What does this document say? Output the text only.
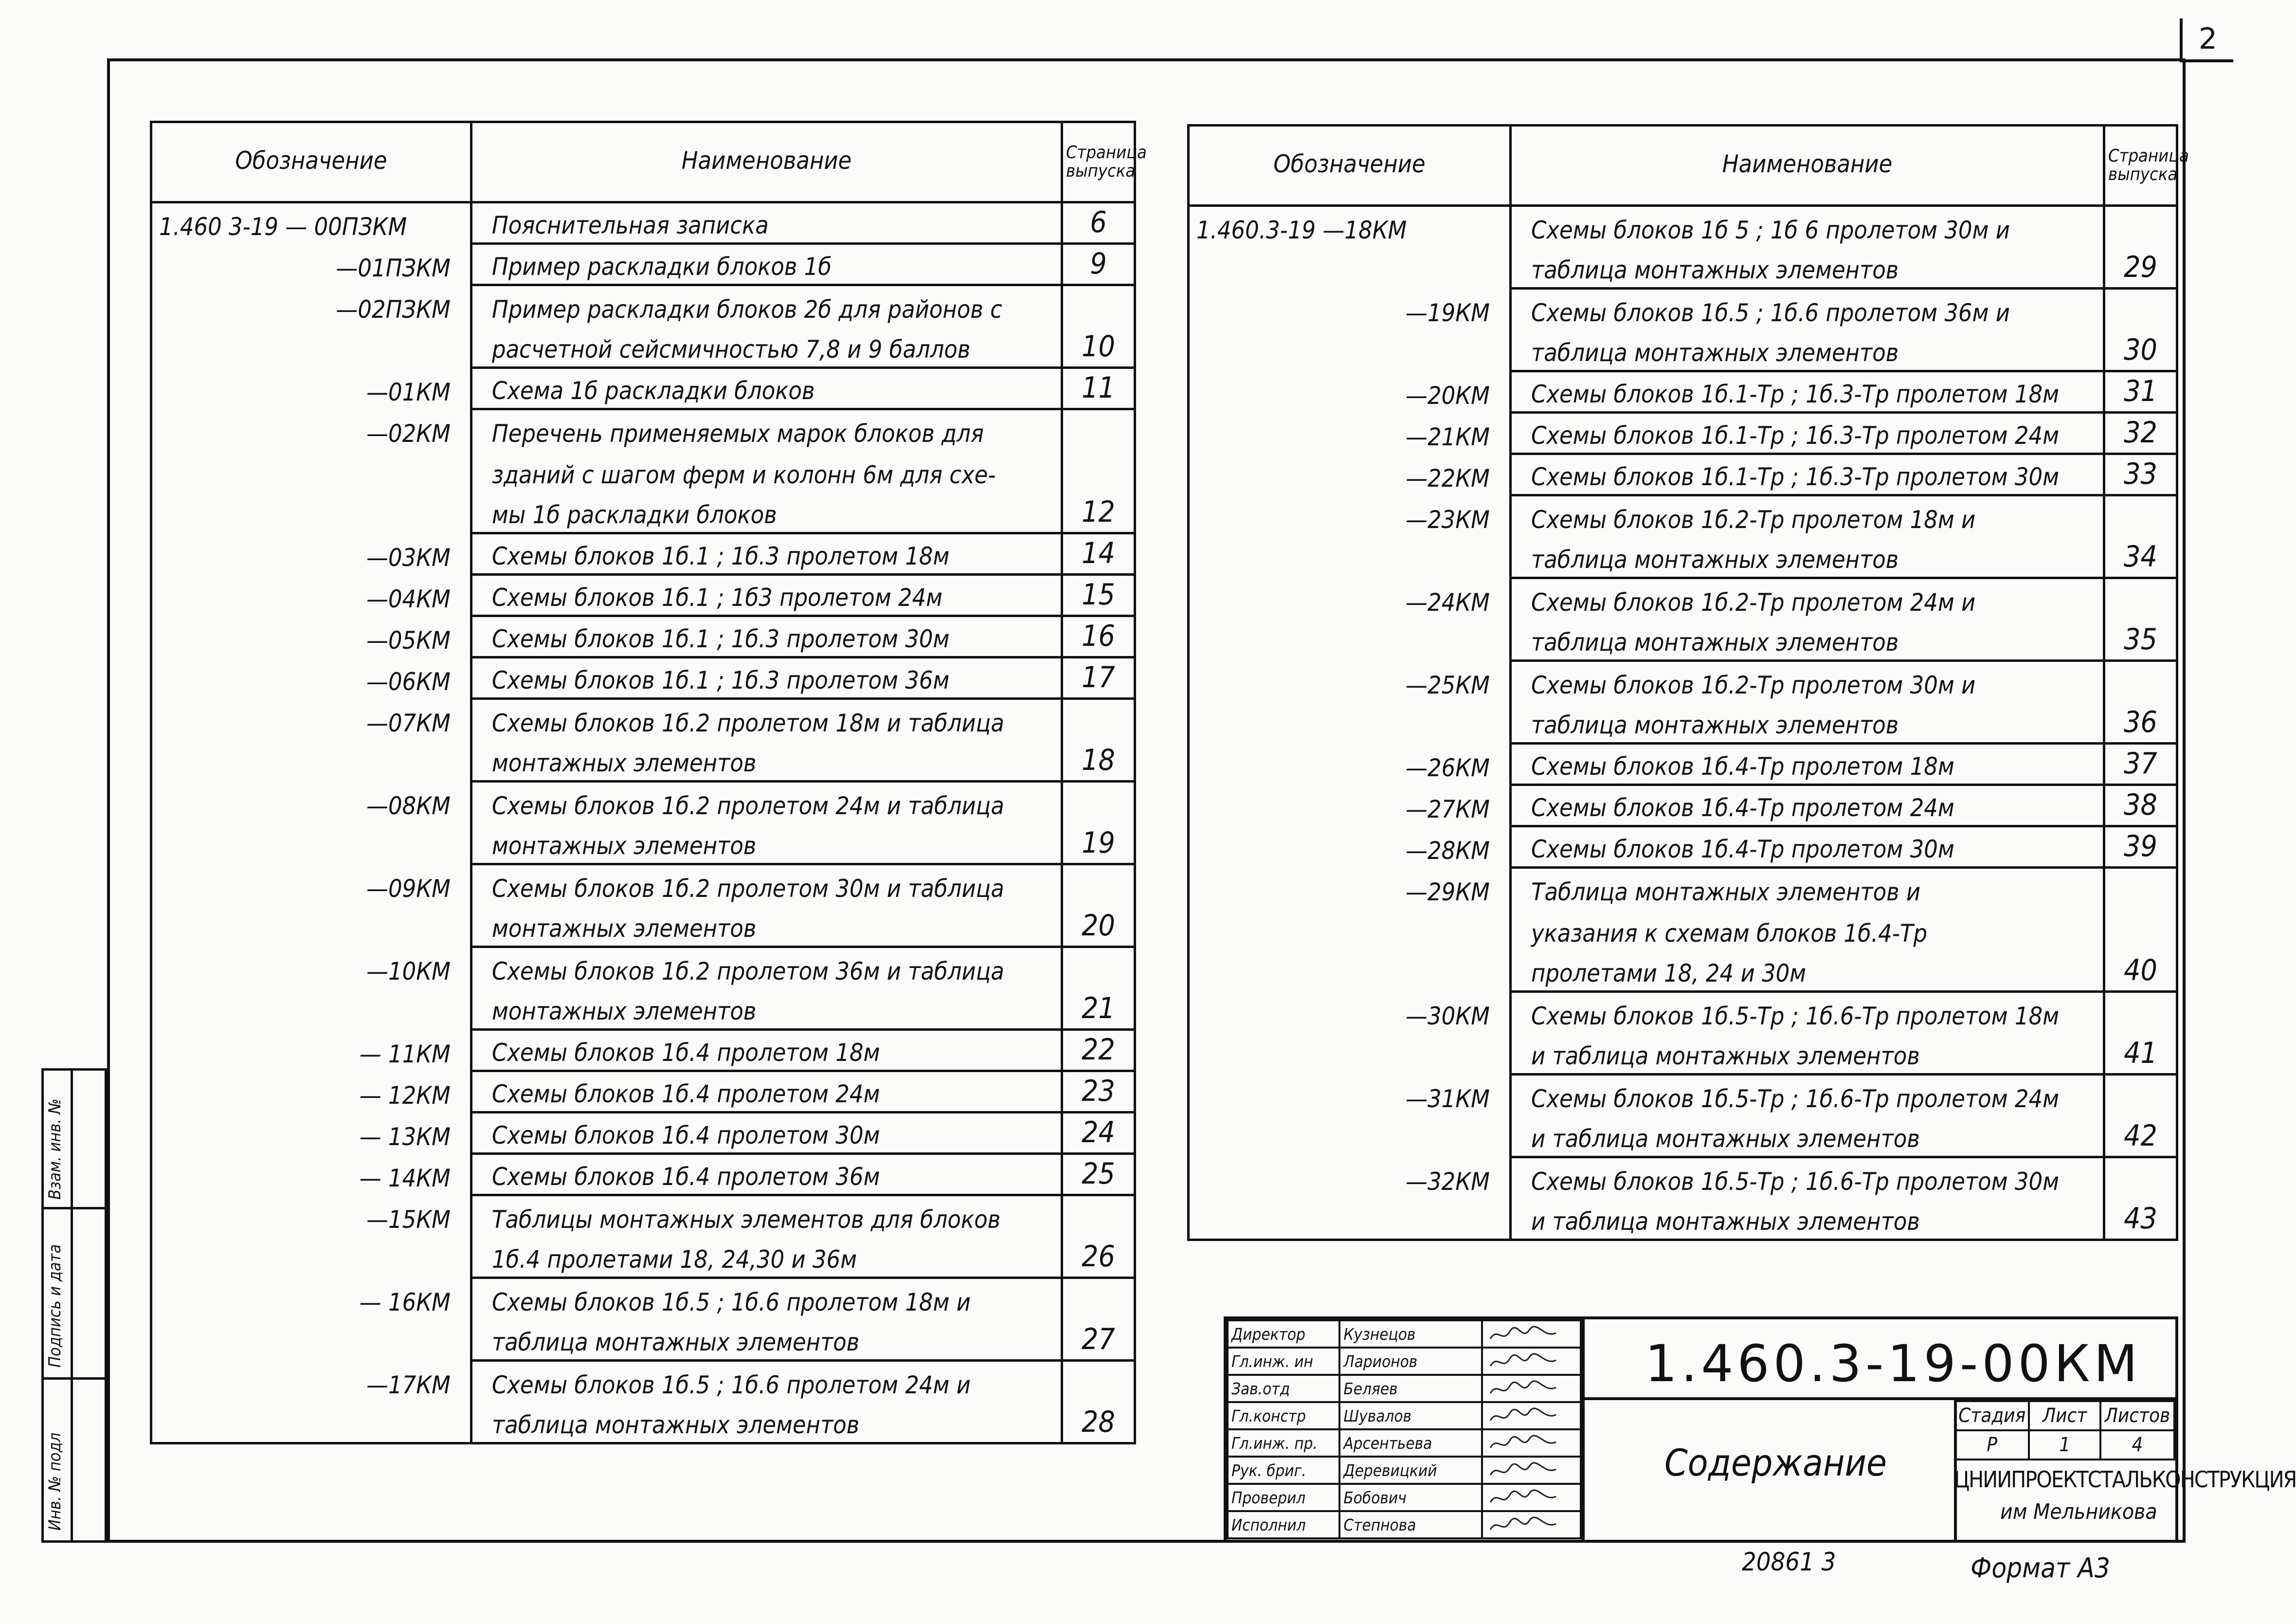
2
Обозначение	Наименование	Страница
выпуска
1.460 3-19 — 00ПЗКМ	Пояснительная записка	6
—01ПЗКМ	Пример раскладки блоков 1б	9
—02ПЗКМ	Пример раскладки блоков 2б для районов с	
	расчетной сейсмичностью 7,8 и 9 баллов	10
—01КМ	Схема 1б раскладки блоков	11
—02КМ	Перечень применяемых марок блоков для	
	зданий с шагом ферм и колонн 6м для схе-	
	мы 1б раскладки блоков	12
—03КМ	Схемы блоков 1б.1 ; 1б.3 пролетом 18м	14
—04КМ	Схемы блоков 1б.1 ; 1б3 пролетом 24м	15
—05КМ	Схемы блоков 1б.1 ; 1б.3 пролетом 30м	16
—06КМ	Схемы блоков 1б.1 ; 1б.3 пролетом 36м	17
—07КМ	Схемы блоков 1б.2 пролетом 18м и таблица	
	монтажных элементов	18
—08КМ	Схемы блоков 1б.2 пролетом 24м и таблица	
	монтажных элементов	19
—09КМ	Схемы блоков 1б.2 пролетом 30м и таблица	
	монтажных элементов	20
—10КМ	Схемы блоков 1б.2 пролетом 36м и таблица	
	монтажных элементов	21
— 11КМ	Схемы блоков 1б.4 пролетом 18м	22
— 12КМ	Схемы блоков 1б.4 пролетом 24м	23
— 13КМ	Схемы блоков 1б.4 пролетом 30м	24
— 14КМ	Схемы блоков 1б.4 пролетом 36м	25
—15КМ	Таблицы монтажных элементов для блоков	
	1б.4 пролетами 18, 24,30 и 36м	26
— 16КМ	Схемы блоков 1б.5 ; 1б.6 пролетом 18м и	
	таблица монтажных элементов	27
—17КМ	Схемы блоков 1б.5 ; 1б.6 пролетом 24м и	
	таблица монтажных элементов	28
Обозначение	Наименование	Страница
выпуска
1.460.3-19 —18КМ	Схемы блоков 1б 5 ; 1б 6 пролетом 30м и	
	таблица монтажных элементов	29
—19КМ	Схемы блоков 1б.5 ; 1б.6 пролетом 36м и	
	таблица монтажных элементов	30
—20КМ	Схемы блоков 1б.1-Тр ; 1б.3-Тр пролетом 18м	31
—21КМ	Схемы блоков 1б.1-Тр ; 1б.3-Тр пролетом 24м	32
—22КМ	Схемы блоков 1б.1-Тр ; 1б.3-Тр пролетом 30м	33
—23КМ	Схемы блоков 1б.2-Тр пролетом 18м и	
	таблица монтажных элементов	34
—24КМ	Схемы блоков 1б.2-Тр пролетом 24м и	
	таблица монтажных элементов	35
—25КМ	Схемы блоков 1б.2-Тр пролетом 30м и	
	таблица монтажных элементов	36
—26КМ	Схемы блоков 1б.4-Тр пролетом 18м	37
—27КМ	Схемы блоков 1б.4-Тр пролетом 24м	38
—28КМ	Схемы блоков 1б.4-Тр пролетом 30м	39
—29КМ	Таблица монтажных элементов и	
	указания к схемам блоков 1б.4-Тр	
	пролетами 18, 24 и 30м	40
—30КМ	Схемы блоков 1б.5-Тр ; 1б.6-Тр пролетом 18м	
	и таблица монтажных элементов	41
—31КМ	Схемы блоков 1б.5-Тр ; 1б.6-Тр пролетом 24м	
	и таблица монтажных элементов	42
—32КМ	Схемы блоков 1б.5-Тр ; 1б.6-Тр пролетом 30м	
	и таблица монтажных элементов	43
Взам. инв. №
Подпись и дата
Инв. № подл
Директор	Кузнецов	

Гл.инж. ин	Ларионов	

Зав.отд	Беляев	

Гл.констр	Шувалов	

Гл.инж. пр.	Арсентьева	

Рук. бриг.	Деревицкий	

Проверил	Бобович	

Исполнил	Степнова	
1.460.3-19-00КМ
Содержание
Стадия	Лист	Листов
Р	1	4
ЦНИИПРОЕКТСТАЛЬКОНСТРУКЦИЯ
им Мельникова
20861 3	Формат А3
